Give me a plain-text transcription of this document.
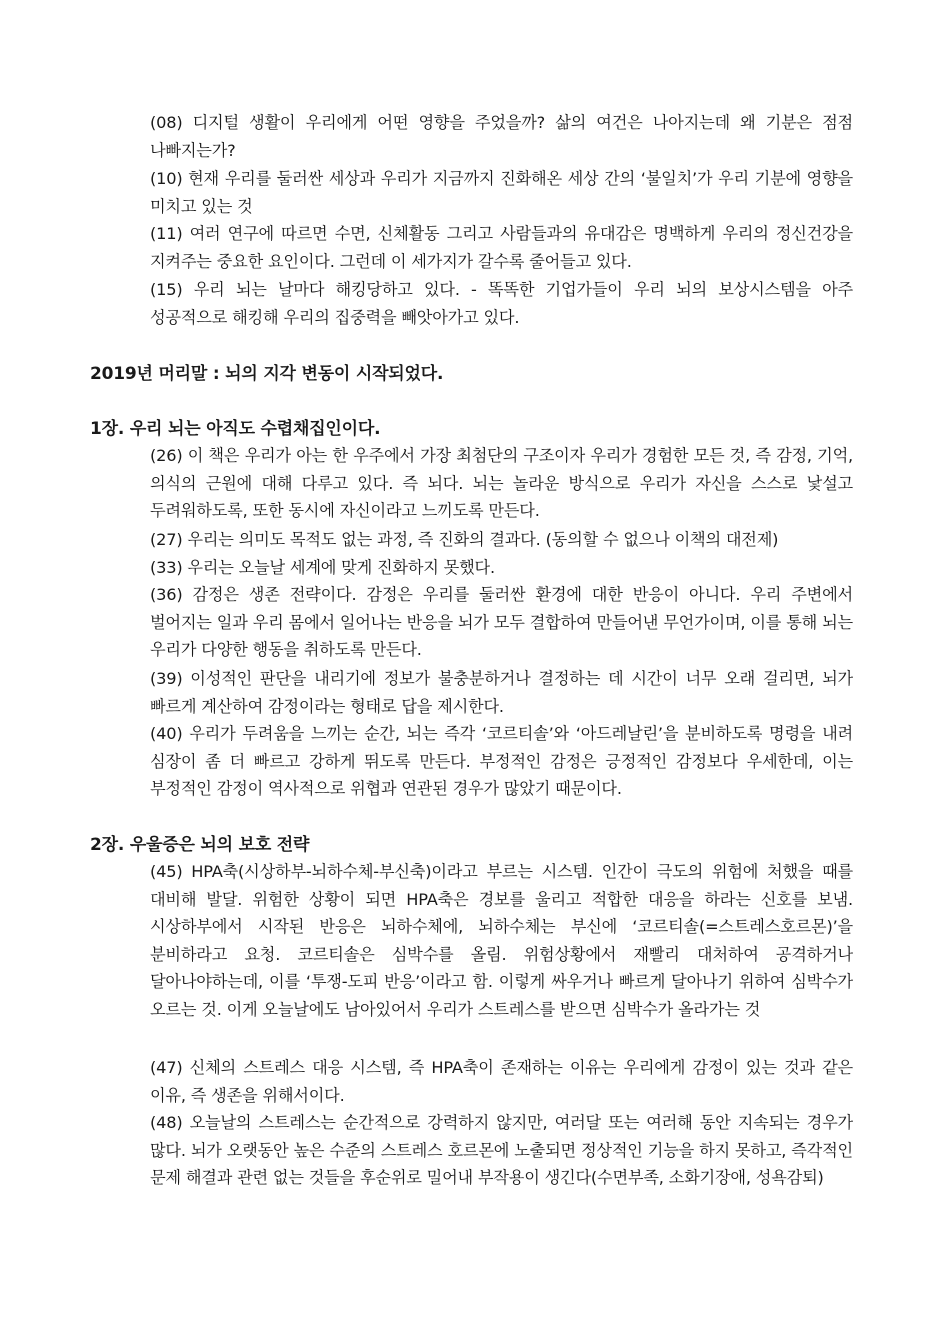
(08) 디지털 생활이 우리에게 어떤 영향을 주었을까? 삶의 여건은 나아지는데 왜 기분은 점점 나빠지는가?

(10) 현재 우리를 둘러싼 세상과 우리가 지금까지 진화해온 세상 간의 ‘불일치’가 우리 기분에 영향을 미치고 있는 것

(11) 여러 연구에 따르면 수면, 신체활동 그리고 사람들과의 유대감은 명백하게 우리의 정신건강을 지켜주는 중요한 요인이다. 그런데 이 세가지가 갈수록 줄어들고 있다.

(15) 우리 뇌는 날마다 해킹당하고 있다. - 똑똑한 기업가들이 우리 뇌의 보상시스템을 아주 성공적으로 해킹해 우리의 집중력을 빼앗아가고 있다.

2019년 머리말 : 뇌의 지각 변동이 시작되었다.
1장. 우리 뇌는 아직도 수렵채집인이다.

(26) 이 책은 우리가 아는 한 우주에서 가장 최첨단의 구조이자 우리가 경험한 모든 것, 즉 감정, 기억, 의식의 근원에 대해 다루고 있다. 즉 뇌다. 뇌는 놀라운 방식으로 우리가 자신을 스스로 낯설고 두려워하도록, 또한 동시에 자신이라고 느끼도록 만든다.

(27) 우리는 의미도 목적도 없는 과정, 즉 진화의 결과다. (동의할 수 없으나 이책의 대전제)

(33) 우리는 오늘날 세계에 맞게 진화하지 못했다.

(36) 감정은 생존 전략이다. 감정은 우리를 둘러싼 환경에 대한 반응이 아니다. 우리 주변에서 벌어지는 일과 우리 몸에서 일어나는 반응을 뇌가 모두 결합하여 만들어낸 무언가이며, 이를 통해 뇌는 우리가 다양한 행동을 취하도록 만든다.

(39) 이성적인 판단을 내리기에 정보가 불충분하거나 결정하는 데 시간이 너무 오래 걸리면, 뇌가 빠르게 계산하여 감정이라는 형태로 답을 제시한다.

(40) 우리가 두려움을 느끼는 순간, 뇌는 즉각 ‘코르티솔’와 ‘아드레날린’을 분비하도록 명령을 내려 심장이 좀 더 빠르고 강하게 뛰도록 만든다. 부정적인 감정은 긍정적인 감정보다 우세한데, 이는 부정적인 감정이 역사적으로 위협과 연관된 경우가 많았기 때문이다.

2장. 우울증은 뇌의 보호 전략

(45) HPA축(시상하부-뇌하수체-부신축)이라고 부르는 시스템. 인간이 극도의 위험에 처했을 때를 대비해 발달. 위험한 상황이 되면 HPA축은 경보를 울리고 적합한 대응을 하라는 신호를 보냄. 시상하부에서 시작된 반응은 뇌하수체에, 뇌하수체는 부신에 ‘코르티솔(=스트레스호르몬)’을 분비하라고 요청. 코르티솔은 심박수를 올림. 위험상황에서 재빨리 대처하여 공격하거나 달아나야하는데, 이를 ‘투쟁-도피 반응’이라고 함. 이렇게 싸우거나 빠르게 달아나기 위하여 심박수가 오르는 것. 이게 오늘날에도 남아있어서 우리가 스트레스를 받으면 심박수가 올라가는 것

(47) 신체의 스트레스 대응 시스템, 즉 HPA축이 존재하는 이유는 우리에게 감정이 있는 것과 같은 이유, 즉 생존을 위해서이다.

(48) 오늘날의 스트레스는 순간적으로 강력하지 않지만, 여러달 또는 여러해 동안 지속되는 경우가 많다. 뇌가 오랫동안 높은 수준의 스트레스 호르몬에 노출되면 정상적인 기능을 하지 못하고, 즉각적인 문제 해결과 관련 없는 것들을 후순위로 밀어내 부작용이 생긴다(수면부족, 소화기장애, 성욕감퇴)
